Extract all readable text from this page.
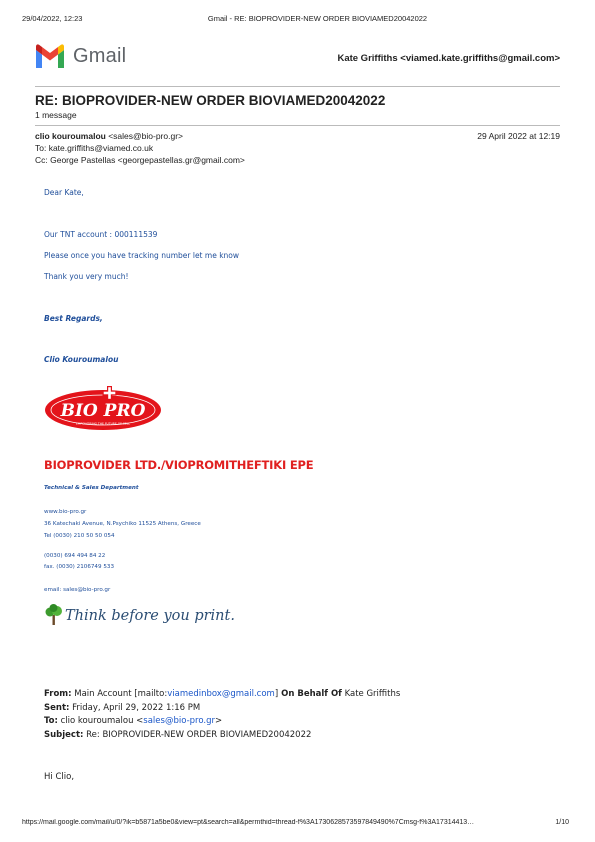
29/04/2022, 12:23	Gmail - RE: BIOPROVIDER-NEW ORDER BIOVIAMED20042022
Gmail	Kate Griffiths <viamed.kate.griffiths@gmail.com>
RE: BIOPROVIDER-NEW ORDER BIOVIAMED20042022
1 message
clio kouroumalou <sales@bio-pro.gr>	29 April 2022 at 12:19
To: kate.griffiths@viamed.co.uk
Cc: George Pastellas <georgepastellas.gr@gmail.com>
Dear Kate,
Our TNT account : 000111539
Please once you have tracking number let me know
Thank you very much!
Best Regards,
Clio Kouroumalou
BIO PRO
EMPOWERING THE FUTURE OF CELL
BIOPROVIDER LTD./VIOPROMITHEFTIKI EPE
Technical & Sales Department
www.bio-pro.gr
36 Katechaki Avenue, N.Psychiko 11525 Athens, Greece
Tel (0030) 210 50 50 054
(0030) 694 494 84 22
fax. (0030) 2106749 533
email: sales@bio-pro.gr
Think before you print.
From: Main Account [mailto:viamedinbox@gmail.com] On Behalf Of Kate Griffiths
Sent: Friday, April 29, 2022 1:16 PM
To: clio kouroumalou <sales@bio-pro.gr>
Subject: Re: BIOPROVIDER-NEW ORDER BIOVIAMED20042022
Hi Clio,
https://mail.google.com/mail/u/0/?ik=b5871a5be0&view=pt&search=all&permthid=thread-f%3A1730628573597849490%7Cmsg-f%3A17314413…	1/10
